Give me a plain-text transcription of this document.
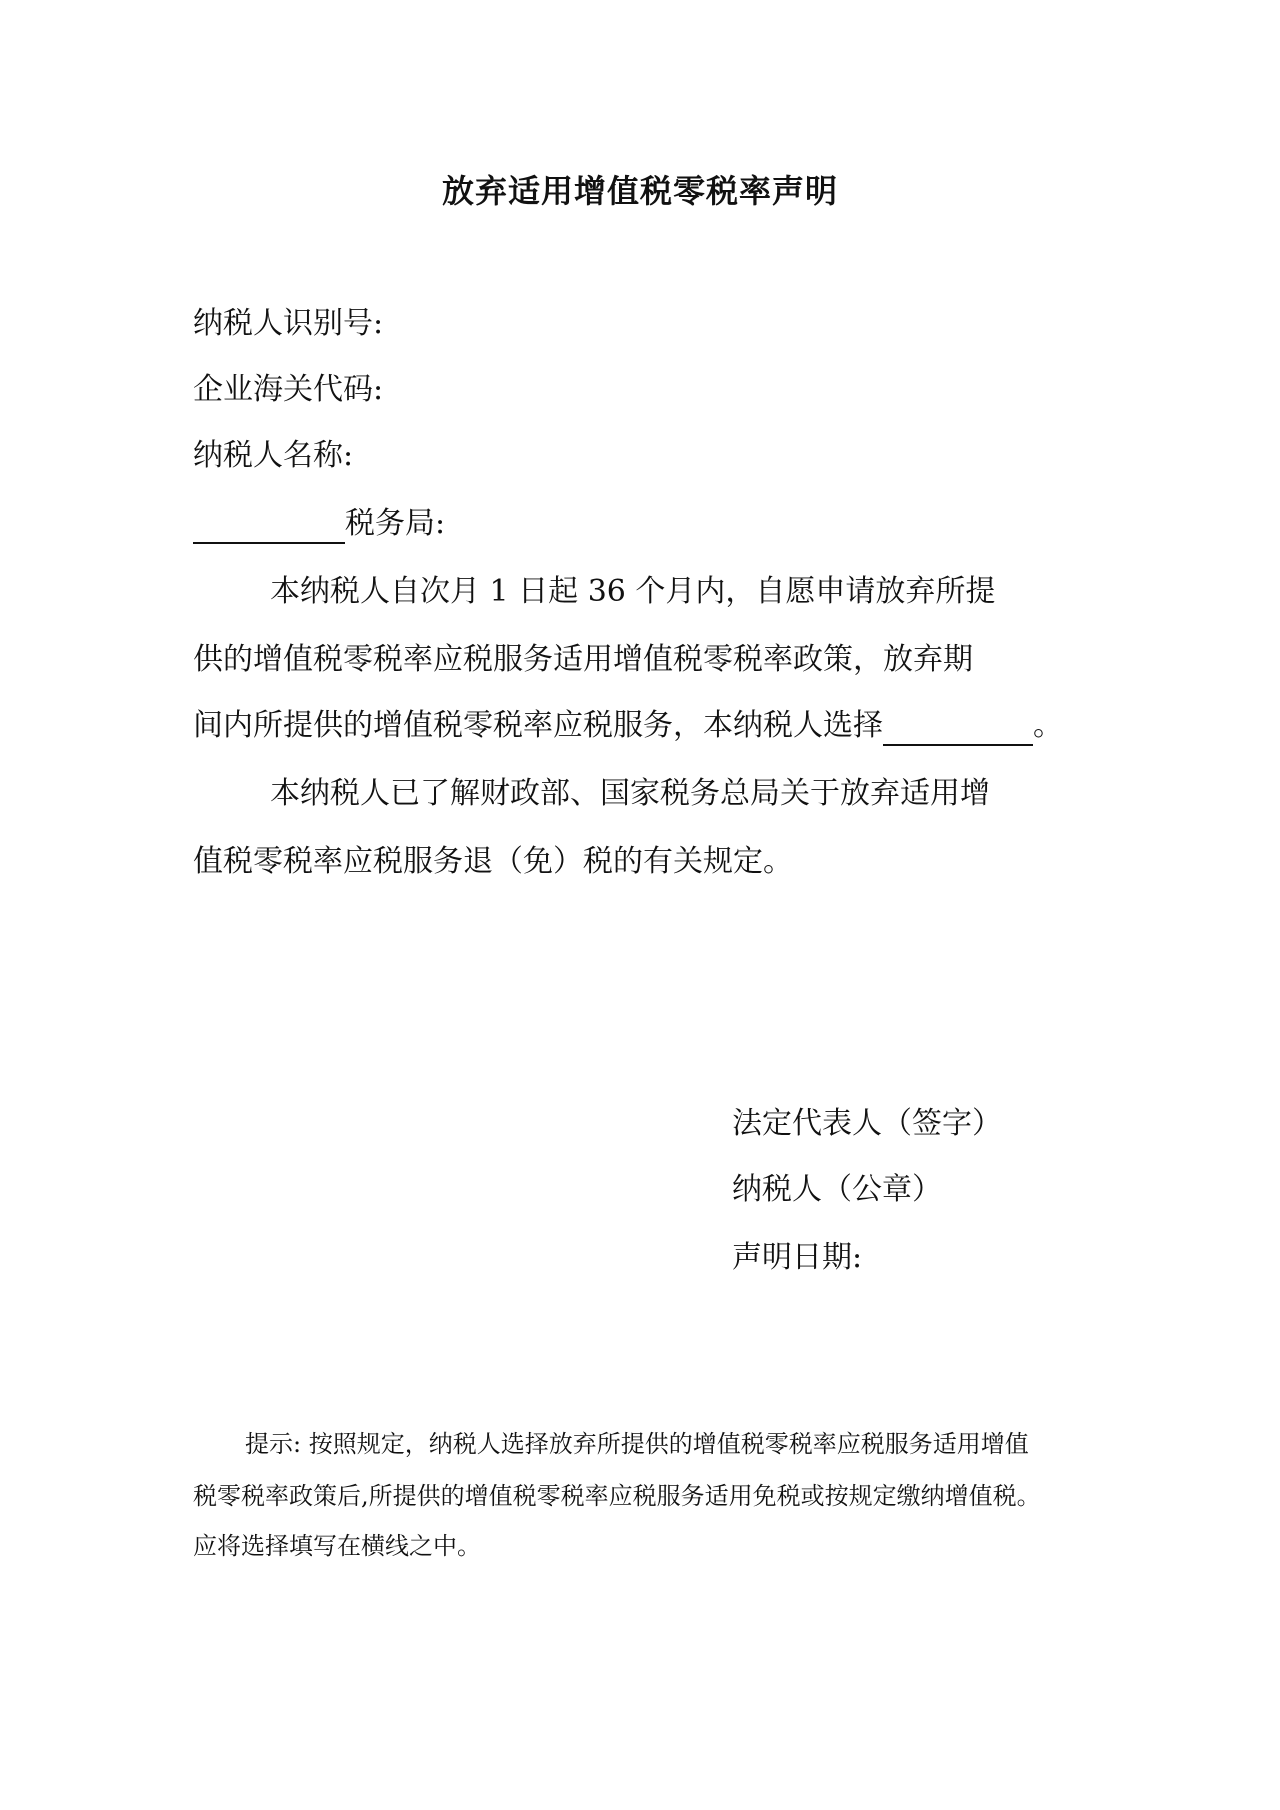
放弃适用增值税零税率声明
纳税人识别号:
企业海关代码:
纳税人名称:
税务局:
本纳税人自次月 1 日起 36 个月内，自愿申请放弃所提
供的增值税零税率应税服务适用增值税零税率政策，放弃期
间内所提供的增值税零税率应税服务，本纳税人选择	。
本纳税人已了解财政部、国家税务总局关于放弃适用增
值税零税率应税服务退（免）税的有关规定。
法定代表人（签字）
纳税人（公章）
声明日期:
提示: 按照规定，纳税人选择放弃所提供的增值税零税率应税服务适用增值
税零税率政策后,所提供的增值税零税率应税服务适用免税或按规定缴纳增值税。
应将选择填写在横线之中。
